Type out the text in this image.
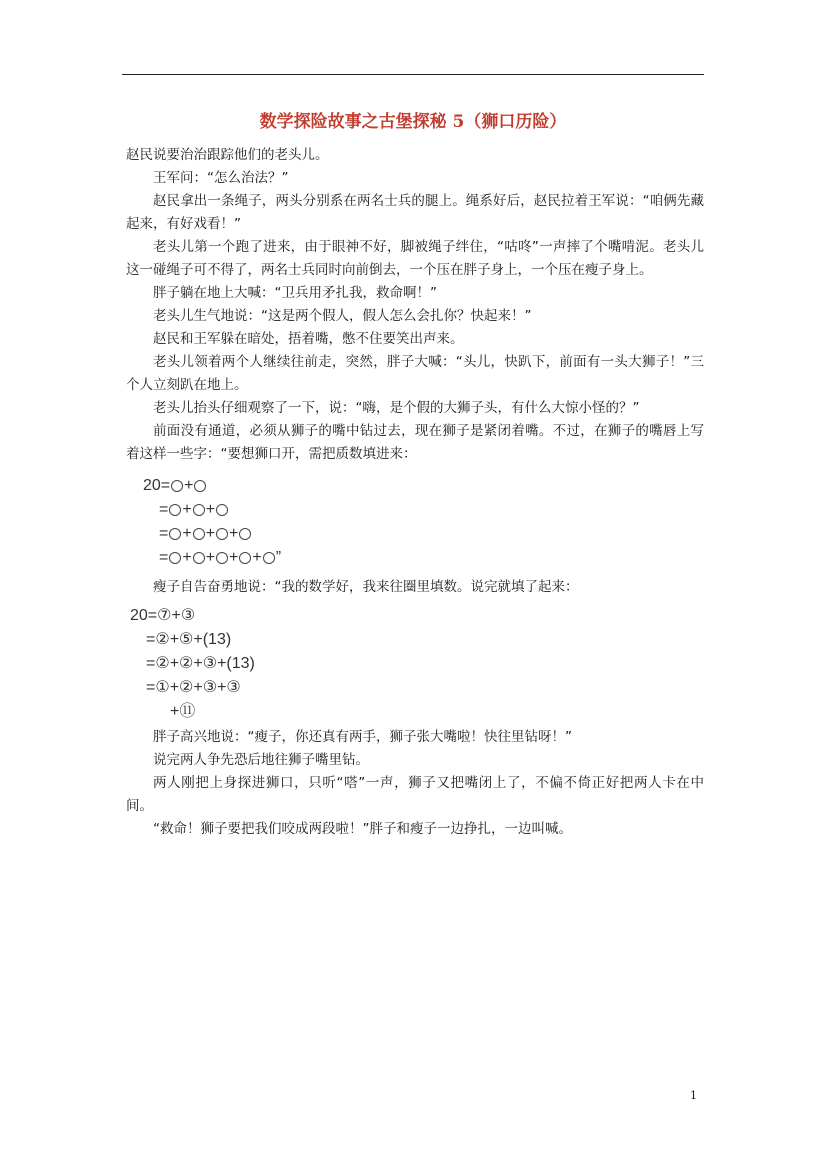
数学探险故事之古堡探秘 5（狮口历险）

赵民说要治治跟踪他们的老头儿。

王军问：“怎么治法？”

赵民拿出一条绳子，两头分别系在两名士兵的腿上。绳系好后，赵民拉着王军说：“咱俩先藏起来，有好戏看！”

老头儿第一个跑了进来，由于眼神不好，脚被绳子绊住，“咕咚”一声摔了个嘴啃泥。老头儿这一碰绳子可不得了，两名士兵同时向前倒去，一个压在胖子身上，一个压在瘦子身上。

胖子躺在地上大喊：“卫兵用矛扎我，救命啊！”

老头儿生气地说：“这是两个假人，假人怎么会扎你？快起来！”

赵民和王军躲在暗处，捂着嘴，憋不住要笑出声来。

老头儿领着两个人继续往前走，突然，胖子大喊：“头儿，快趴下，前面有一头大狮子！”三个人立刻趴在地上。

老头儿抬头仔细观察了一下，说：“嗨，是个假的大狮子头，有什么大惊小怪的？”

前面没有通道，必须从狮子的嘴中钻过去，现在狮子是紧闭着嘴。不过，在狮子的嘴唇上写着这样一些字：“要想狮口开，需把质数填进来：

20= +
= + +
= + + +
= + + + + ”

瘦子自告奋勇地说：“我的数学好，我来往圈里填数。说完就填了起来：

20=⑦+③
=②+⑤+(13)
=②+②+③+(13)
=①+②+③+③
+⑪

胖子高兴地说：“瘦子，你还真有两手，狮子张大嘴啦！快往里钻呀！”

说完两人争先恐后地往狮子嘴里钻。

两人刚把上身探进狮口，只听“嗒”一声，狮子又把嘴闭上了，不偏不倚正好把两人卡在中间。

“救命！狮子要把我们咬成两段啦！”胖子和瘦子一边挣扎，一边叫喊。

1
